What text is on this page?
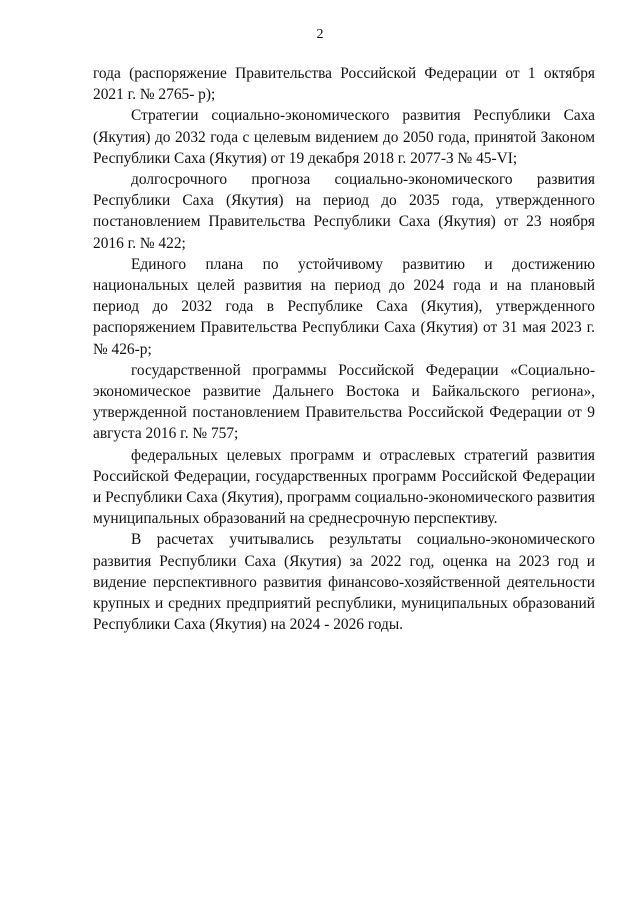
2

года (распоряжение Правительства Российской Федерации от 1 октября 2021 г. № 2765- р);

Стратегии социально-экономического развития Республики Саха (Якутия) до 2032 года с целевым видением до 2050 года, принятой Законом Республики Саха (Якутия) от 19 декабря 2018 г. 2077-З № 45-VI;

долгосрочного прогноза социально-экономического развития Республики Саха (Якутия) на период до 2035 года, утвержденного постановлением Правительства Республики Саха (Якутия) от 23 ноября 2016 г. № 422;

Единого плана по устойчивому развитию и достижению национальных целей развития на период до 2024 года и на плановый период до 2032 года в Республике Саха (Якутия), утвержденного распоряжением Правительства Республики Саха (Якутия) от 31 мая 2023 г. № 426-р;

государственной программы Российской Федерации «Социально-экономическое развитие Дальнего Востока и Байкальского региона», утвержденной постановлением Правительства Российской Федерации от 9 августа 2016 г. № 757;

федеральных целевых программ и отраслевых стратегий развития Российской Федерации, государственных программ Российской Федерации и Республики Саха (Якутия), программ социально-экономического развития муниципальных образований на среднесрочную перспективу.

В расчетах учитывались результаты социально-экономического развития Республики Саха (Якутия) за 2022 год, оценка на 2023 год и видение перспективного развития финансово-хозяйственной деятельности крупных и средних предприятий республики, муниципальных образований Республики Саха (Якутия) на 2024 - 2026 годы.
